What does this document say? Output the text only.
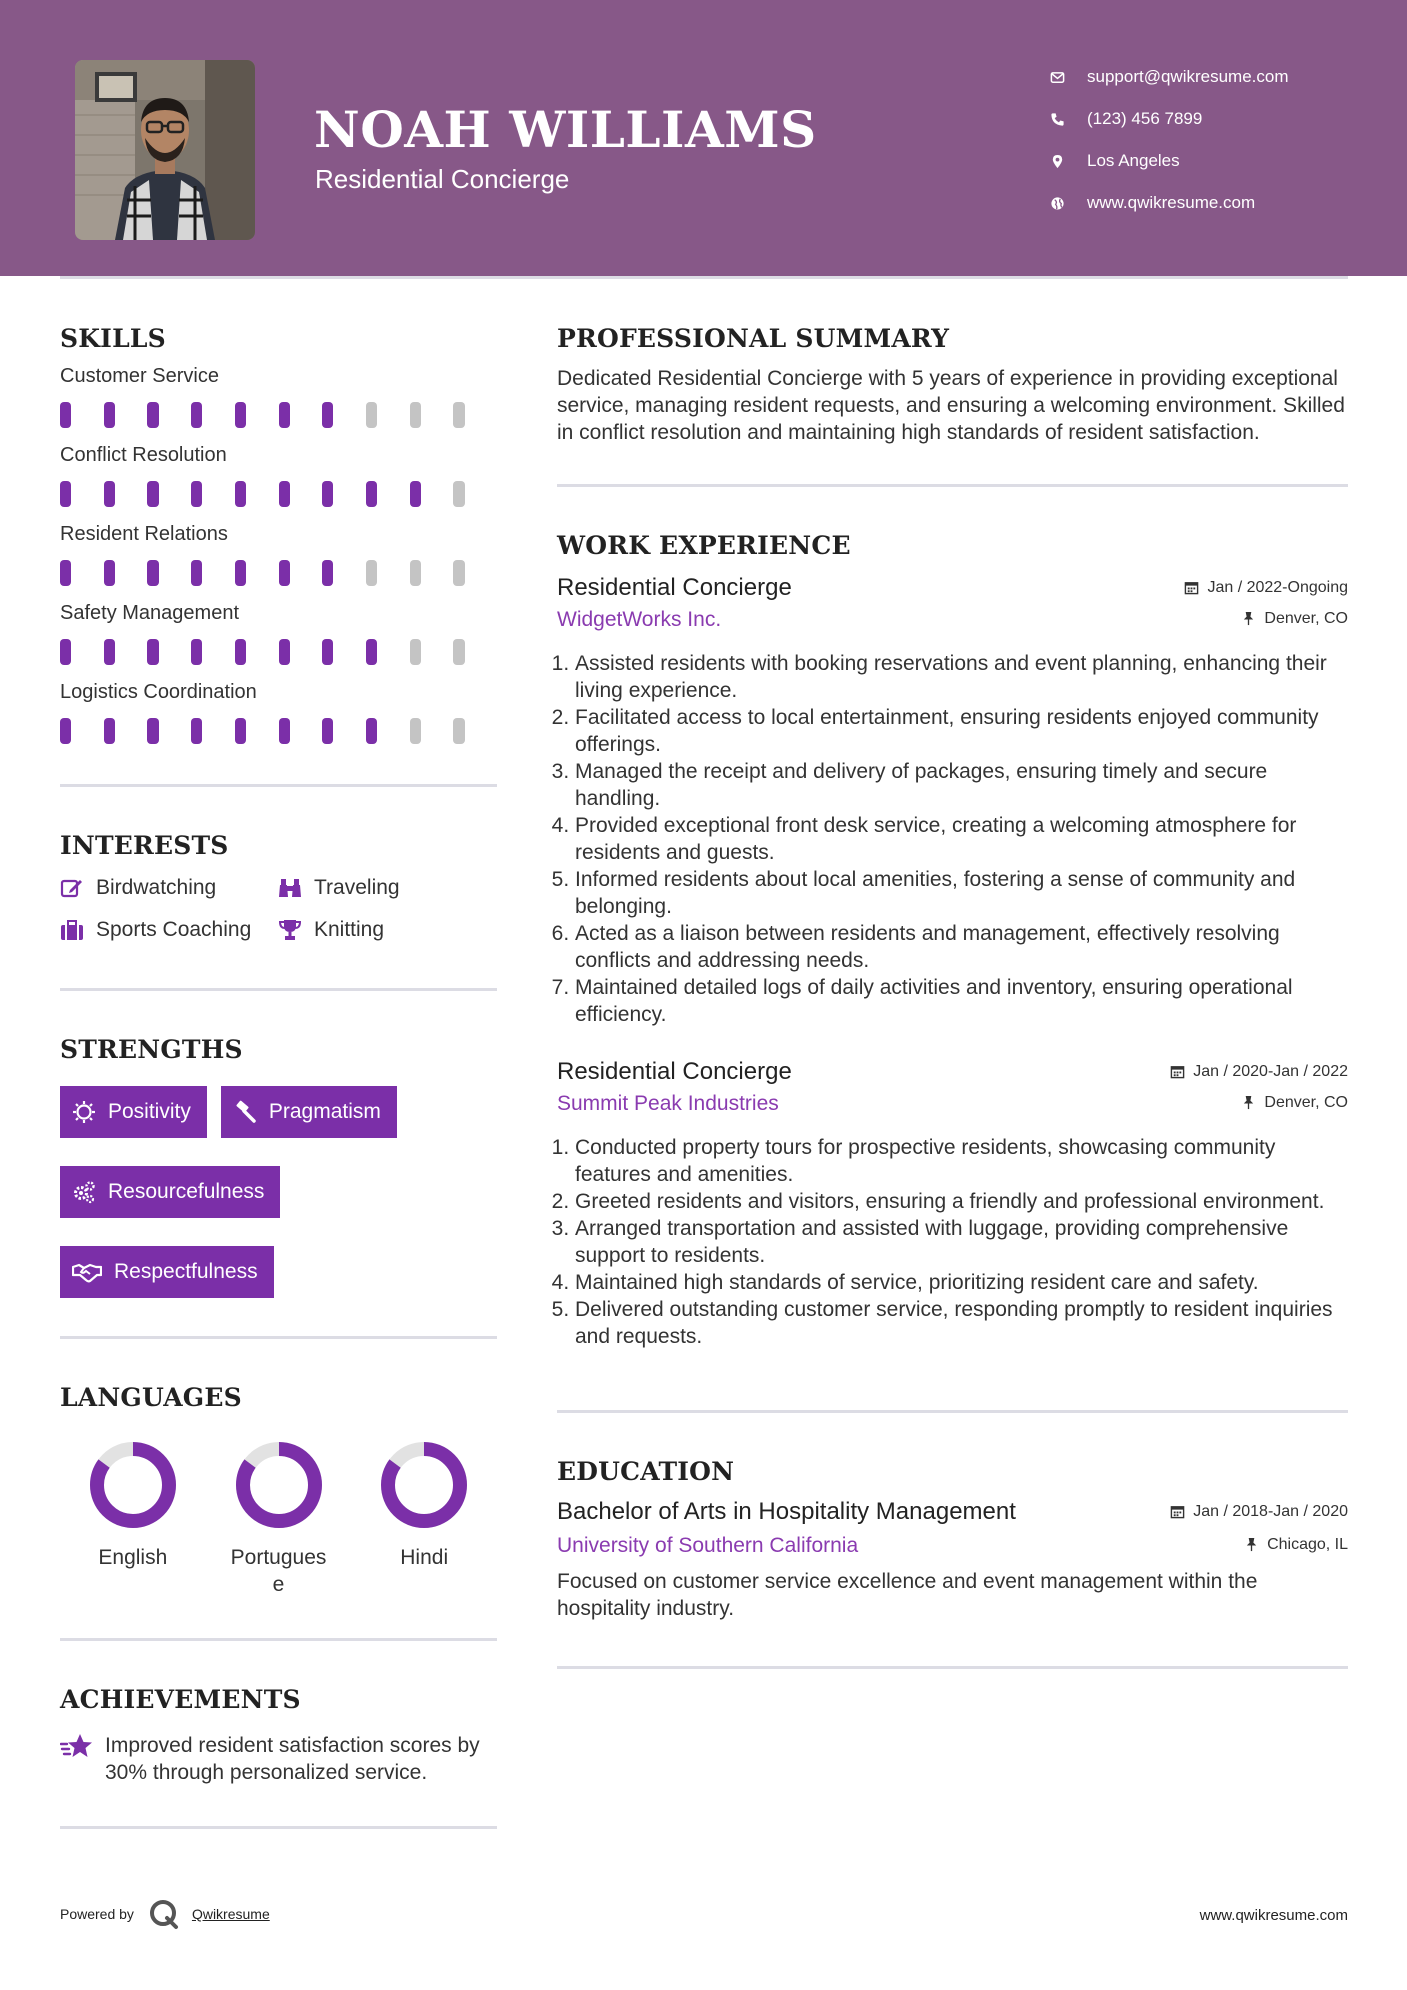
NOAH WILLIAMS
Residential Concierge
support@qwikresume.com
(123) 456 7899
Los Angeles
www.qwikresume.com
SKILLS
Customer Service
Conflict Resolution
Resident Relations
Safety Management
Logistics Coordination
INTERESTS
Birdwatching	Traveling
Sports Coaching	Knitting
STRENGTHS
Positivity	Pragmatism
Resourcefulness
Respectfulness
LANGUAGES
English	Portugues
e
Hindi
ACHIEVEMENTS
Improved resident satisfaction scores by 30% through personalized service.
PROFESSIONAL SUMMARY
Dedicated Residential Concierge with 5 years of experience in providing exceptional service, managing resident requests, and ensuring a welcoming environment. Skilled in conflict resolution and maintaining high standards of resident satisfaction.
WORK EXPERIENCE
Residential Concierge	Jan / 2022-Ongoing
WidgetWorks Inc.	Denver, CO
1. Assisted residents with booking reservations and event planning, enhancing their living experience.
2. Facilitated access to local entertainment, ensuring residents enjoyed community offerings.
3. Managed the receipt and delivery of packages, ensuring timely and secure handling.
4. Provided exceptional front desk service, creating a welcoming atmosphere for residents and guests.
5. Informed residents about local amenities, fostering a sense of community and belonging.
6. Acted as a liaison between residents and management, effectively resolving conflicts and addressing needs.
7. Maintained detailed logs of daily activities and inventory, ensuring operational efficiency.
Residential Concierge	Jan / 2020-Jan / 2022
Summit Peak Industries	Denver, CO
1. Conducted property tours for prospective residents, showcasing community features and amenities.
2. Greeted residents and visitors, ensuring a friendly and professional environment.
3. Arranged transportation and assisted with luggage, providing comprehensive support to residents.
4. Maintained high standards of service, prioritizing resident care and safety.
5. Delivered outstanding customer service, responding promptly to resident inquiries and requests.
EDUCATION
Bachelor of Arts in Hospitality Management	Jan / 2018-Jan / 2020
University of Southern California	Chicago, IL
Focused on customer service excellence and event management within the hospitality industry.
Powered by	Qwikresume	www.qwikresume.com
